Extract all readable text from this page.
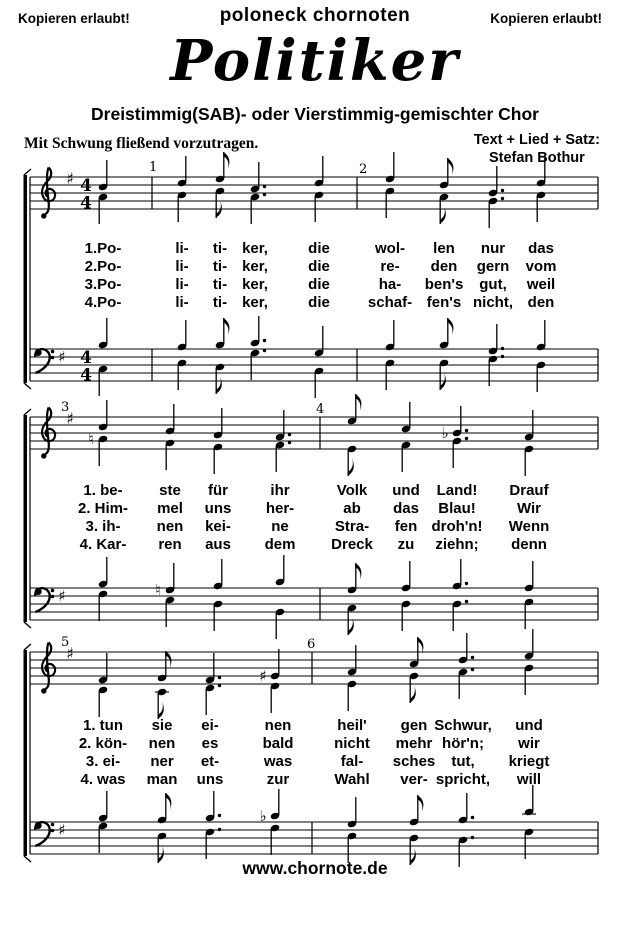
Kopieren erlaubt!	poloneck chornoten	Kopieren erlaubt!
Politiker
Dreistimmig(SAB)- oder Vierstimmig-gemischter Chor
Mit Schwung fließend vorzutragen.	Text + Lied + Satz:
Stefan Bothur
♯ 4
4
♯ 4
4
♯
♮	♭
♯	♮
♯
♯
♯
♭
1	2
1.Po-	li- ti- ker,	die	wol- len nur das
2.Po-	li- ti- ker,	die	re- den gern vom
3.Po-	li- ti- ker,	die	ha- ben's gut, weil
4.Po-	li- ti- ker,	die	schaf- fen's nicht, den
3	4
1. be- ste für	ihr	Volk und Land! Drauf
2. Him- mel uns her-	ab das Blau!	Wir
3. ih- nen kei-	ne	Stra- fen droh'n! Wenn
4. Kar- ren aus dem Dreck zu ziehn; denn
5	6
1. tun sie ei-	nen	heil' gen Schwur, und
2. kön- nen es	bald	nicht mehr hör'n; wir
3. ei- ner et-	was	fal- sches tut, kriegt
4. was man uns	zur	Wahl ver- spricht, will
www.chornote.de
